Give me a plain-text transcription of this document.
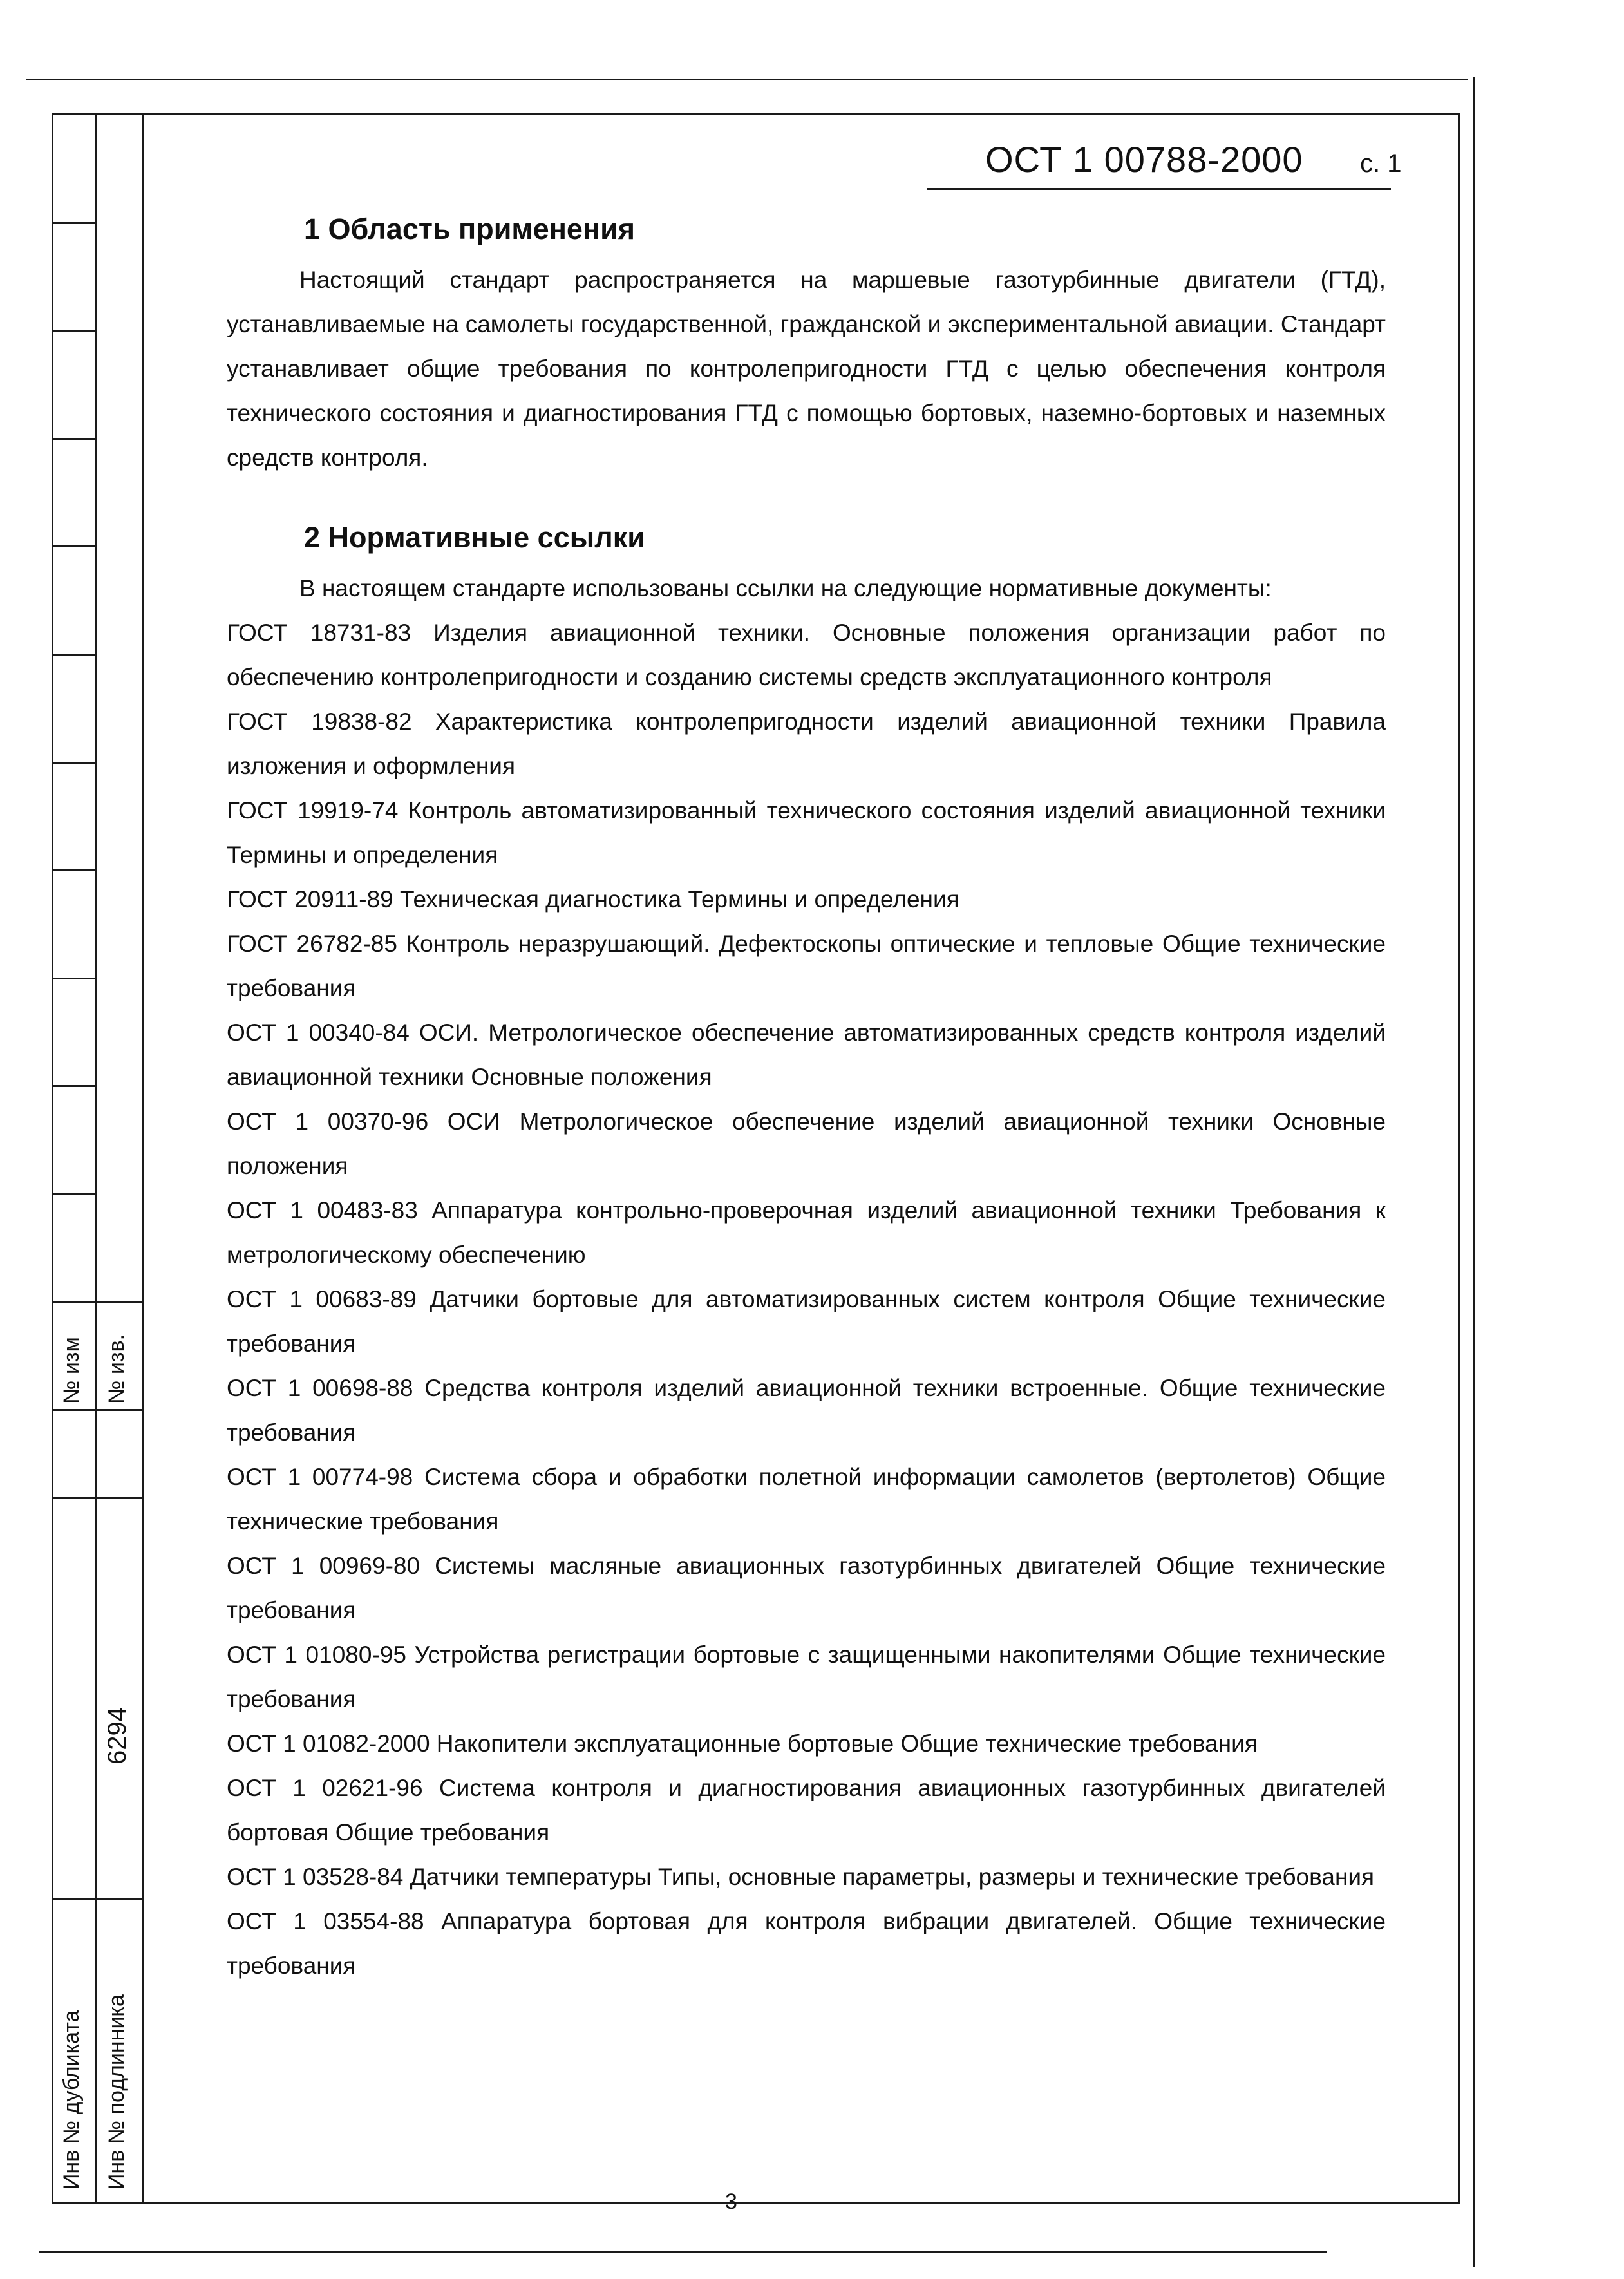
№ изм № изв.
6294
Инв № дубликата Инв № подлинника
ОСТ 1 00788-2000 с. 1
1 Область применения

Настоящий стандарт распространяется на маршевые газотурбинные двигатели (ГТД), устанавливаемые на самолеты государственной, гражданской и экспериментальной авиации. Стандарт устанавливает общие требования по контролепригодности ГТД с целью обеспечения контроля технического состояния и диагностирования ГТД с помощью бортовых, наземно-бортовых и наземных средств контроля.

2 Нормативные ссылки

В настоящем стандарте использованы ссылки на следующие нормативные документы:

ГОСТ 18731-83 Изделия авиационной техники. Основные положения организации работ по обеспечению контролепригодности и созданию системы средств эксплуатационного контроля

ГОСТ 19838-82 Характеристика контролепригодности изделий авиационной техники Правила изложения и оформления

ГОСТ 19919-74 Контроль автоматизированный технического состояния изделий авиационной техники Термины и определения

ГОСТ 20911-89 Техническая диагностика Термины и определения

ГОСТ 26782-85 Контроль неразрушающий. Дефектоскопы оптические и тепловые Общие технические требования

ОСТ 1 00340-84 ОСИ. Метрологическое обеспечение автоматизированных средств контроля изделий авиационной техники Основные положения

ОСТ 1 00370-96 ОСИ Метрологическое обеспечение изделий авиационной техники Основные положения

ОСТ 1 00483-83 Аппаратура контрольно-проверочная изделий авиационной техники Требования к метрологическому обеспечению

ОСТ 1 00683-89 Датчики бортовые для автоматизированных систем контроля Общие технические требования

ОСТ 1 00698-88 Средства контроля изделий авиационной техники встроенные. Общие технические требования

ОСТ 1 00774-98 Система сбора и обработки полетной информации самолетов (вертолетов) Общие технические требования

ОСТ 1 00969-80 Системы масляные авиационных газотурбинных двигателей Общие технические требования

ОСТ 1 01080-95 Устройства регистрации бортовые с защищенными накопителями Общие технические требования

ОСТ 1 01082-2000 Накопители эксплуатационные бортовые Общие технические требования

ОСТ 1 02621-96 Система контроля и диагностирования авиационных газотурбинных двигателей бортовая Общие требования

ОСТ 1 03528-84 Датчики температуры Типы, основные параметры, размеры и технические требования

ОСТ 1 03554-88 Аппаратура бортовая для контроля вибрации двигателей. Общие технические требования

3
